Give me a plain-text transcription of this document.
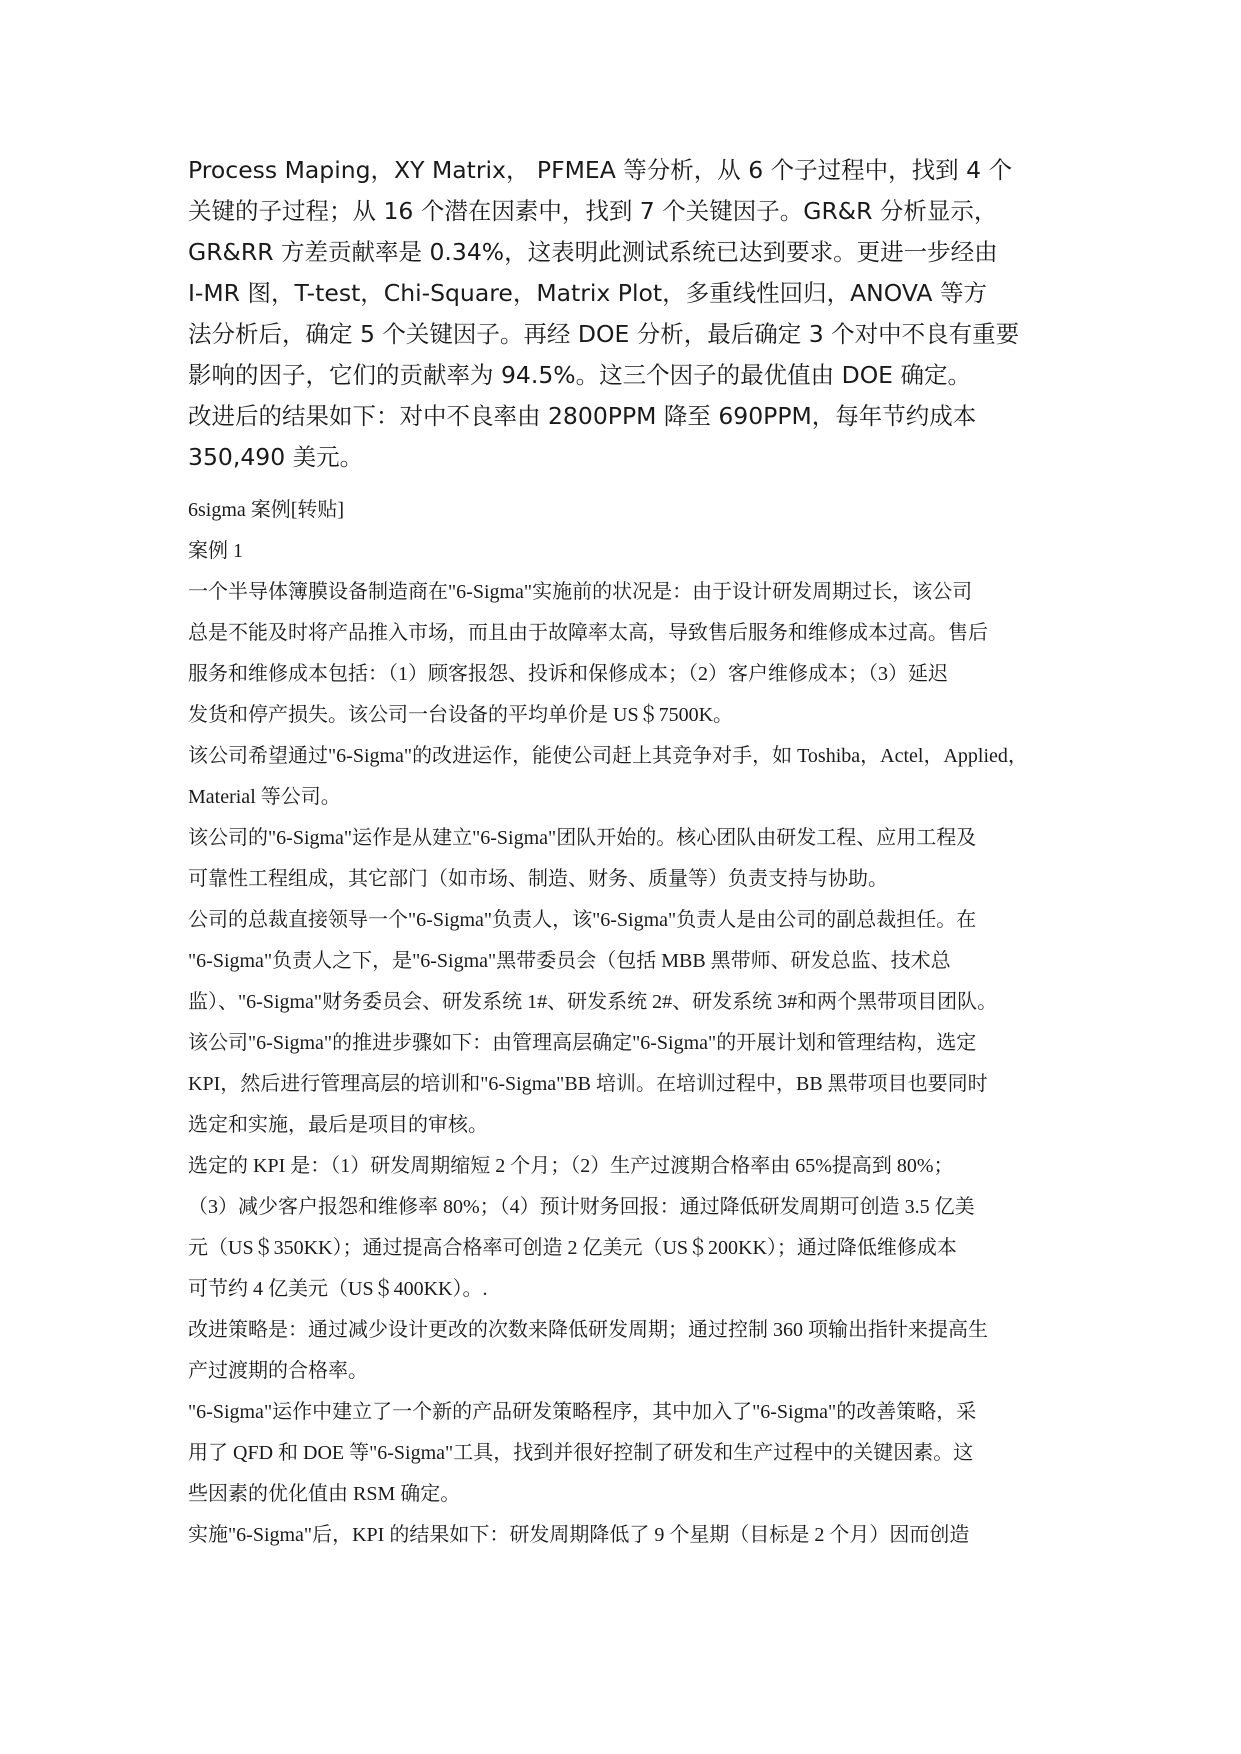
Process Maping，XY Matrix， PFMEA 等分析，从 6 个子过程中，找到 4 个

关键的子过程；从 16 个潜在因素中，找到 7 个关键因子。GR&R 分析显示，

GR&RR 方差贡献率是 0.34%，这表明此测试系统已达到要求。更进一步经由

I-MR 图，T-test，Chi-Square，Matrix Plot，多重线性回归，ANOVA 等方

法分析后，确定 5 个关键因子。再经 DOE 分析，最后确定 3 个对中不良有重要

影响的因子，它们的贡献率为 94.5%。这三个因子的最优值由 DOE 确定。

改进后的结果如下：对中不良率由 2800PPM 降至 690PPM，每年节约成本

350,490 美元。

6sigma 案例[转贴]

案例 1

一个半导体簿膜设备制造商在"6-Sigma"实施前的状况是：由于设计研发周期过长，该公司

总是不能及时将产品推入市场，而且由于故障率太高，导致售后服务和维修成本过高。售后

服务和维修成本包括：（1）顾客报怨、投诉和保修成本；（2）客户维修成本；（3）延迟

发货和停产损失。该公司一台设备的平均单价是 US＄7500K。

该公司希望通过"6-Sigma"的改进运作，能使公司赶上其竞争对手，如 Toshiba，Actel，Applied，

Material 等公司。

该公司的"6-Sigma"运作是从建立"6-Sigma"团队开始的。核心团队由研发工程、应用工程及

可靠性工程组成，其它部门（如市场、制造、财务、质量等）负责支持与协助。

公司的总裁直接领导一个"6-Sigma"负责人，该"6-Sigma"负责人是由公司的副总裁担任。在

"6-Sigma"负责人之下，是"6-Sigma"黑带委员会（包括 MBB 黑带师、研发总监、技术总

监）、"6-Sigma"财务委员会、研发系统 1#、研发系统 2#、研发系统 3#和两个黑带项目团队。

该公司"6-Sigma"的推进步骤如下：由管理高层确定"6-Sigma"的开展计划和管理结构，选定

KPI，然后进行管理高层的培训和"6-Sigma"BB 培训。在培训过程中，BB 黑带项目也要同时

选定和实施，最后是项目的审核。

选定的 KPI 是：（1）研发周期缩短 2 个月；（2）生产过渡期合格率由 65%提高到 80%；

（3）减少客户报怨和维修率 80%；（4）预计财务回报：通过降低研发周期可创造 3.5 亿美

元（US＄350KK）；通过提高合格率可创造 2 亿美元（US＄200KK）；通过降低维修成本

可节约 4 亿美元（US＄400KK）。.

改进策略是：通过减少设计更改的次数来降低研发周期；通过控制 360 项输出指针来提高生

产过渡期的合格率。

"6-Sigma"运作中建立了一个新的产品研发策略程序，其中加入了"6-Sigma"的改善策略，采

用了 QFD 和 DOE 等"6-Sigma"工具，找到并很好控制了研发和生产过程中的关键因素。这

些因素的优化值由 RSM 确定。

实施"6-Sigma"后，KPI 的结果如下：研发周期降低了 9 个星期（目标是 2 个月）因而创造
